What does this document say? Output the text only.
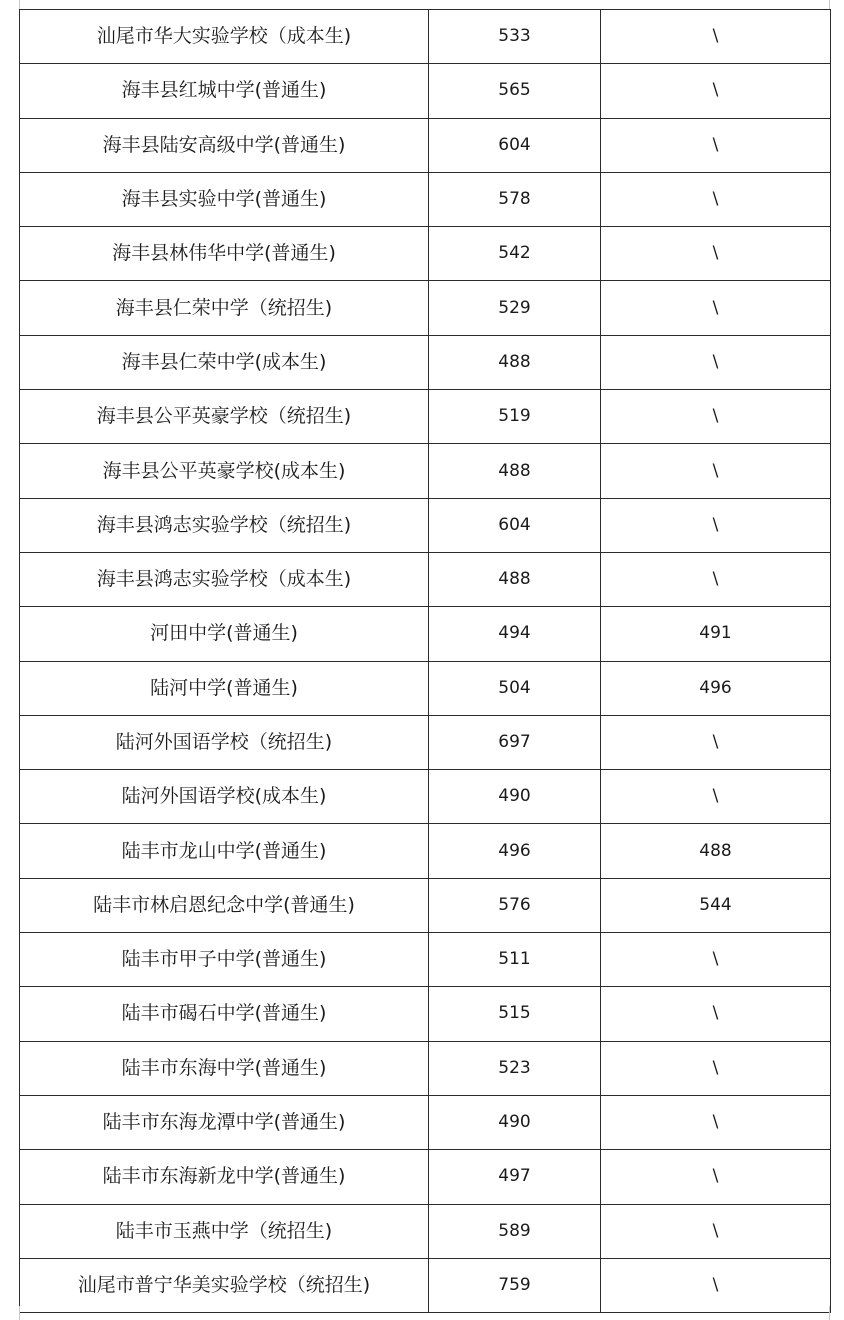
汕尾市华大实验学校（成本生)	533	\
海丰县红城中学(普通生)	565	\
海丰县陆安高级中学(普通生)	604	\
海丰县实验中学(普通生)	578	\
海丰县林伟华中学(普通生)	542	\
海丰县仁荣中学（统招生)	529	\
海丰县仁荣中学(成本生)	488	\
海丰县公平英豪学校（统招生)	519	\
海丰县公平英豪学校(成本生)	488	\
海丰县鸿志实验学校（统招生)	604	\
海丰县鸿志实验学校（成本生)	488	\
河田中学(普通生)	494	491
陆河中学(普通生)	504	496
陆河外国语学校（统招生)	697	\
陆河外国语学校(成本生)	490	\
陆丰市龙山中学(普通生)	496	488
陆丰市林启恩纪念中学(普通生)	576	544
陆丰市甲子中学(普通生)	511	\
陆丰市碣石中学(普通生)	515	\
陆丰市东海中学(普通生)	523	\
陆丰市东海龙潭中学(普通生)	490	\
陆丰市东海新龙中学(普通生)	497	\
陆丰市玉燕中学（统招生)	589	\
汕尾市普宁华美实验学校（统招生)	759	\
